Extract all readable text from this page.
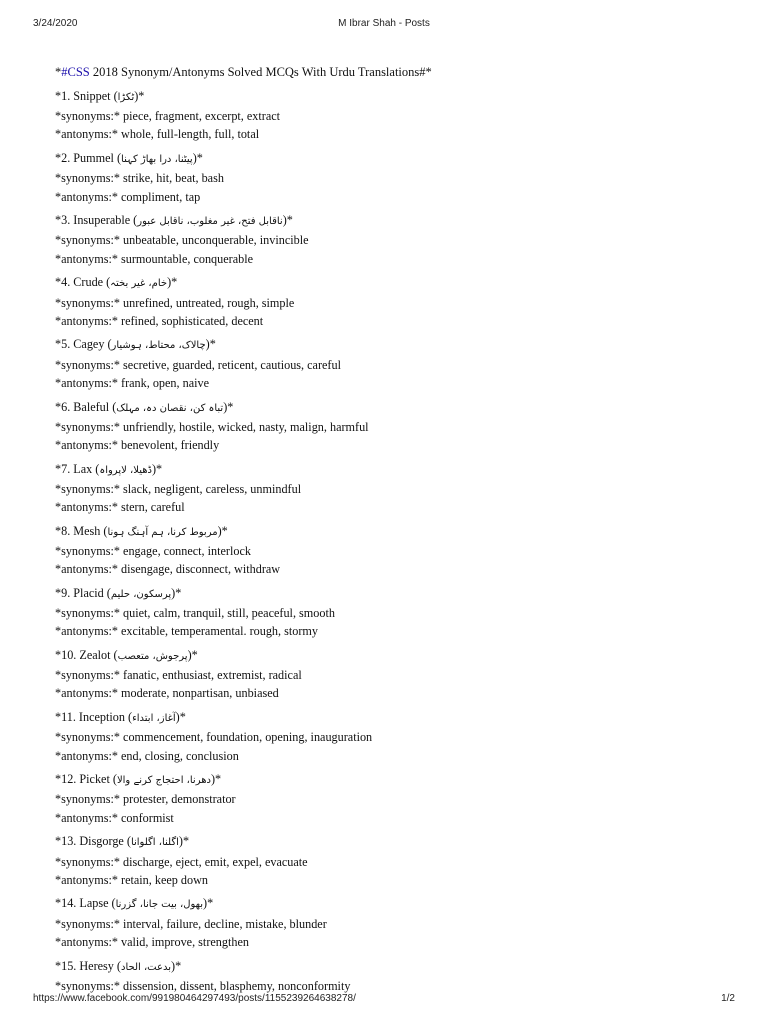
3/24/2020	M Ibrar Shah - Posts
*#CSS 2018 Synonym/Antonyms Solved MCQs With Urdu Translations#*
*1. Snippet (ٹکڑا)*
*synonyms:* piece, fragment, excerpt, extract
*antonyms:* whole, full-length, full, total
*2. Pummel (پیٹنا، درا بھاڑ کہنا)*
*synonyms:* strike, hit, beat, bash
*antonyms:* compliment, tap
*3. Insuperable (ناقابل فتح، غیر مغلوب، ناقابل عبور)*
*synonyms:* unbeatable, unconquerable, invincible
*antonyms:* surmountable, conquerable
*4. Crude (خام، غیر بختہ)*
*synonyms:* unrefined, untreated, rough, simple
*antonyms:* refined, sophisticated, decent
*5. Cagey (چالاک، محتاط، ہوشیار)*
*synonyms:* secretive, guarded, reticent, cautious, careful
*antonyms:* frank, open, naive
*6. Baleful (تباہ کن، نقصان دہ، مہلک)*
*synonyms:* unfriendly, hostile, wicked, nasty, malign, harmful
*antonyms:* benevolent, friendly
*7. Lax (ڈھیلا، لاپرواہ)*
*synonyms:* slack, negligent, careless, unmindful
*antonyms:* stern, careful
*8. Mesh (مربوط کرنا، ہم آہنگ ہونا)*
*synonyms:* engage, connect, interlock
*antonyms:* disengage, disconnect, withdraw
*9. Placid (پرسکون، حلیم)*
*synonyms:* quiet, calm, tranquil, still, peaceful, smooth
*antonyms:* excitable, temperamental. rough, stormy
*10. Zealot (پرجوش، متعصب)*
*synonyms:* fanatic, enthusiast, extremist, radical
*antonyms:* moderate, nonpartisan, unbiased
*11. Inception (آغاز، ابتداء)*
*synonyms:* commencement, foundation, opening, inauguration
*antonyms:* end, closing, conclusion
*12. Picket (دھرنا، احتجاج کرنے والا)*
*synonyms:* protester, demonstrator
*antonyms:* conformist
*13. Disgorge (اگلنا، اگلوانا)*
*synonyms:* discharge, eject, emit, expel, evacuate
*antonyms:* retain, keep down
*14. Lapse (بھول، بیت جانا، گزرنا)*
*synonyms:* interval, failure, decline, mistake, blunder
*antonyms:* valid, improve, strengthen
*15. Heresy (بدعت، الحاد)*
*synonyms:* dissension, dissent, blasphemy, nonconformity
https://www.facebook.com/991980464297493/posts/1155239264638278/	1/2
